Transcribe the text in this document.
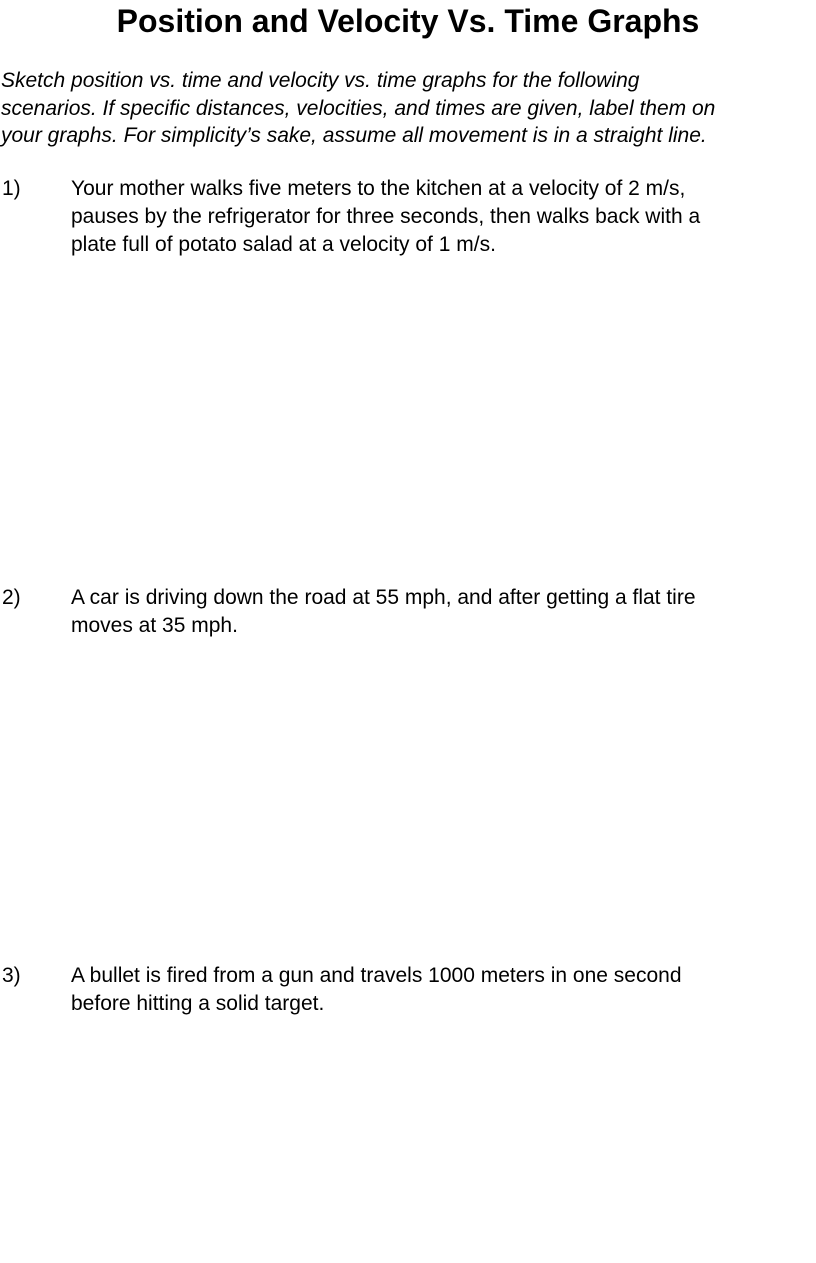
Position and Velocity Vs. Time Graphs
Sketch position vs. time and velocity vs. time graphs for the following
scenarios. If specific distances, velocities, and times are given, label them on
your graphs. For simplicity’s sake, assume all movement is in a straight line.
1) Your mother walks five meters to the kitchen at a velocity of 2 m/s,
pauses by the refrigerator for three seconds, then walks back with a
plate full of potato salad at a velocity of 1 m/s.
2) A car is driving down the road at 55 mph, and after getting a flat tire
moves at 35 mph.
3) A bullet is fired from a gun and travels 1000 meters in one second
before hitting a solid target.
